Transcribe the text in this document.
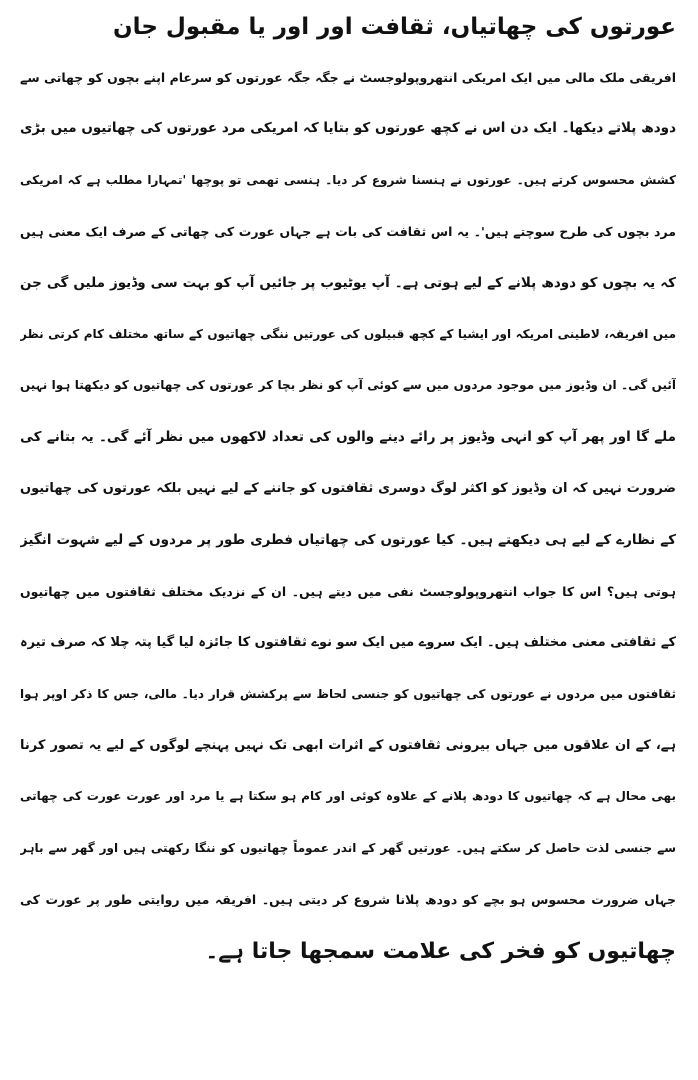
عورتوں کی چھاتیاں، ثقافت اور اور یا مقبول جان
افریقی ملک مالی میں ایک امریکی انتھروپولوجسٹ نے جگہ جگہ عورتوں کو سرعام اپنے بچوں کو چھاتی سے
دودھ پلاتے دیکھا۔ ایک دن اس نے کچھ عورتوں کو بتایا کہ امریکی مرد عورتوں کی چھاتیوں میں بڑی
کشش محسوس کرتے ہیں۔ عورتوں نے ہنسنا شروع کر دیا۔ ہنسی تھمی تو پوچھا 'تمہارا مطلب ہے کہ امریکی
مرد بچوں کی طرح سوچتے ہیں'۔ یہ اس ثقافت کی بات ہے جہاں عورت کی چھاتی کے صرف ایک معنی ہیں
کہ یہ بچوں کو دودھ پلانے کے لیے ہوتی ہے۔ آپ یوٹیوب پر جائیں آپ کو بہت سی وڈیوز ملیں گی جن
میں افریقہ، لاطینی امریکہ اور ایشیا کے کچھ قبیلوں کی عورتیں ننگی چھاتیوں کے ساتھ مختلف کام کرتی نظر
آئیں گی۔ ان وڈیوز میں موجود مردوں میں سے کوئی آپ کو نظر بچا کر عورتوں کی چھاتیوں کو دیکھتا ہوا نہیں
ملے گا اور پھر آپ کو انہی وڈیوز پر رائے دینے والوں کی تعداد لاکھوں میں نظر آئے گی۔ یہ بتانے کی
ضرورت نہیں کہ ان وڈیوز کو اکثر لوگ دوسری ثقافتوں کو جاننے کے لیے نہیں بلکہ عورتوں کی چھاتیوں
کے نظارے کے لیے ہی دیکھتے ہیں۔ کیا عورتوں کی چھاتیاں فطری طور پر مردوں کے لیے شہوت انگیز
ہوتی ہیں؟ اس کا جواب انتھروپولوجسٹ نفی میں دیتے ہیں۔ ان کے نزدیک مختلف ثقافتوں میں چھاتیوں
کے ثقافتی معنی مختلف ہیں۔ ایک سروے میں ایک سو نوے ثقافتوں کا جائزہ لیا گیا پتہ چلا کہ صرف تیرہ
ثقافتوں میں مردوں نے عورتوں کی چھاتیوں کو جنسی لحاظ سے پرکشش قرار دیا۔ مالی، جس کا ذکر اوپر ہوا
ہے، کے ان علاقوں میں جہاں بیرونی ثقافتوں کے اثرات ابھی تک نہیں پہنچے لوگوں کے لیے یہ تصور کرنا
بھی محال ہے کہ چھاتیوں کا دودھ پلانے کے علاوہ کوئی اور کام ہو سکتا ہے یا مرد اور عورت عورت کی چھاتی
سے جنسی لذت حاصل کر سکتے ہیں۔ عورتیں گھر کے اندر عموماً چھاتیوں کو ننگا رکھتی ہیں اور گھر سے باہر
جہاں ضرورت محسوس ہو بچے کو دودھ پلانا شروع کر دیتی ہیں۔ افریقہ میں روایتی طور پر عورت کی
چھاتیوں کو فخر کی علامت سمجھا جاتا ہے۔
